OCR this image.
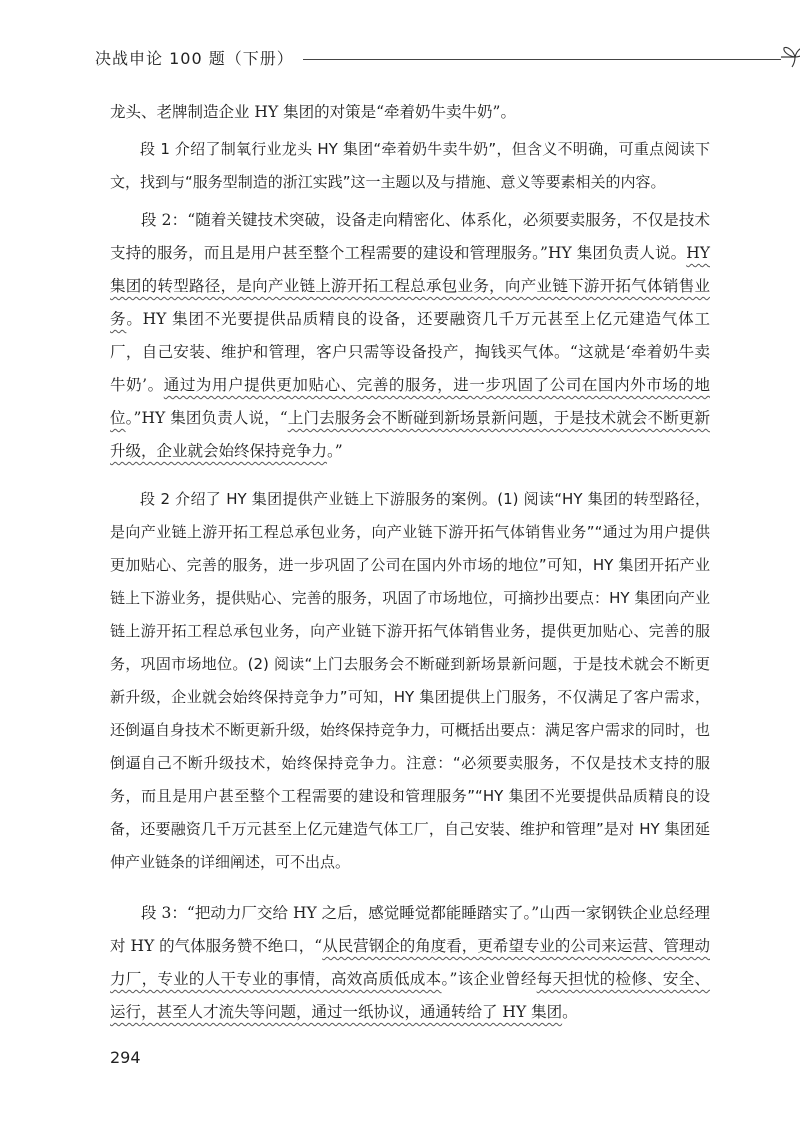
决战申论 100 题（下册）

龙头、老牌制造企业 HY 集团的对策是“牵着奶牛卖牛奶”。

段 1 介绍了制氧行业龙头 HY 集团“牵着奶牛卖牛奶”，但含义不明确，可重点阅读下文，找到与“服务型制造的浙江实践”这一主题以及与措施、意义等要素相关的内容。

段 2：“随着关键技术突破，设备走向精密化、体系化，必须要卖服务，不仅是技术支持的服务，而且是用户甚至整个工程需要的建设和管理服务。”HY 集团负责人说。HY 集团的转型路径，是向产业链上游开拓工程总承包业务，向产业链下游开拓气体销售业务。HY 集团不光要提供品质精良的设备，还要融资几千万元甚至上亿元建造气体工厂，自己安装、维护和管理，客户只需等设备投产，掏钱买气体。“这就是‘牵着奶牛卖牛奶’。通过为用户提供更加贴心、完善的服务，进一步巩固了公司在国内外市场的地位。”HY 集团负责人说，“上门去服务会不断碰到新场景新问题，于是技术就会不断更新升级，企业就会始终保持竞争力。”

段 2 介绍了 HY 集团提供产业链上下游服务的案例。(1) 阅读“HY 集团的转型路径，是向产业链上游开拓工程总承包业务，向产业链下游开拓气体销售业务”“通过为用户提供更加贴心、完善的服务，进一步巩固了公司在国内外市场的地位”可知，HY 集团开拓产业链上下游业务，提供贴心、完善的服务，巩固了市场地位，可摘抄出要点：HY 集团向产业链上游开拓工程总承包业务，向产业链下游开拓气体销售业务，提供更加贴心、完善的服务，巩固市场地位。(2) 阅读“上门去服务会不断碰到新场景新问题，于是技术就会不断更新升级，企业就会始终保持竞争力”可知，HY 集团提供上门服务，不仅满足了客户需求，还倒逼自身技术不断更新升级，始终保持竞争力，可概括出要点：满足客户需求的同时，也倒逼自己不断升级技术，始终保持竞争力。注意：“必须要卖服务，不仅是技术支持的服务，而且是用户甚至整个工程需要的建设和管理服务”“HY 集团不光要提供品质精良的设备，还要融资几千万元甚至上亿元建造气体工厂，自己安装、维护和管理”是对 HY 集团延伸产业链条的详细阐述，可不出点。

段 3：“把动力厂交给 HY 之后，感觉睡觉都能睡踏实了。”山西一家钢铁企业总经理对 HY 的气体服务赞不绝口，“从民营钢企的角度看，更希望专业的公司来运营、管理动力厂，专业的人干专业的事情，高效高质低成本。”该企业曾经每天担忧的检修、安全、运行，甚至人才流失等问题，通过一纸协议，通通转给了 HY 集团。

294
